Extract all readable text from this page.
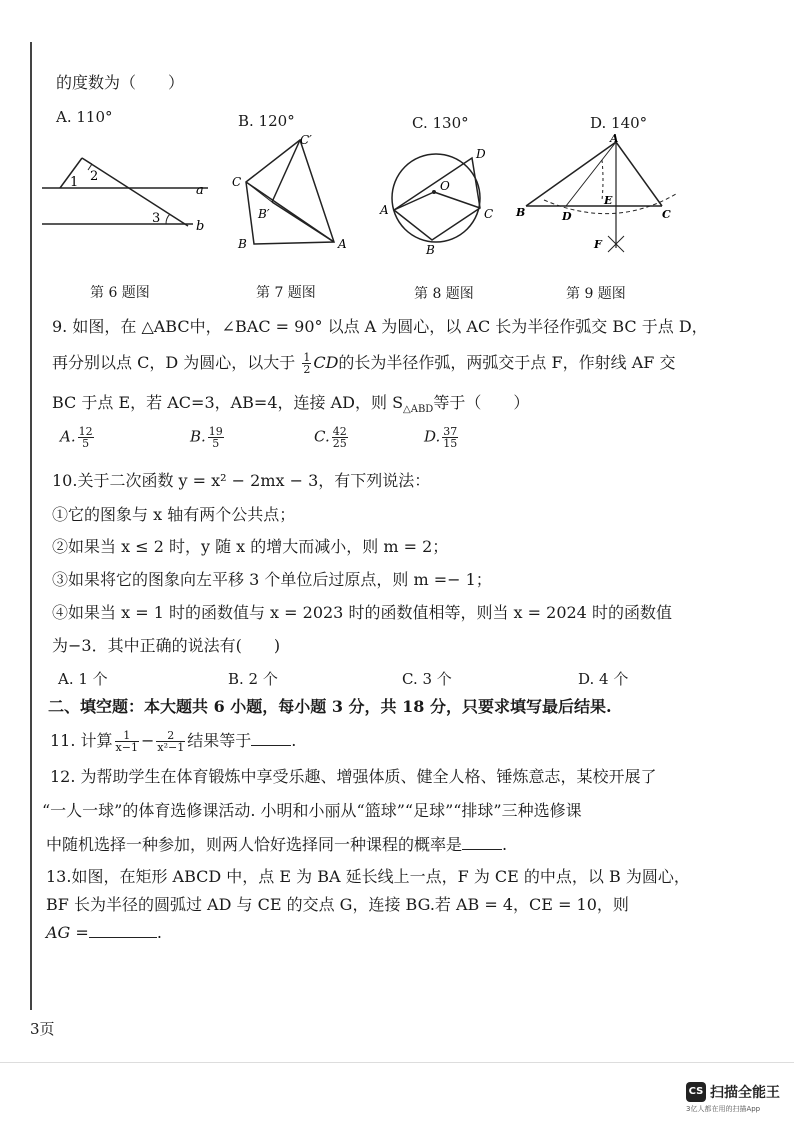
的度数为（　　）
A. 110°	B. 120°	C. 130°	D. 140°
1 2
3
a
b
C′
C
B′
B	A
D
O
A	C
B
A
B	D
E
C
F
第 6 题图	第 7 题图	第 8 题图	第 9 题图
9. 如图，在 △ABC中，∠BAC = 90° 以点 A 为圆心，以 AC 长为半径作弧交 BC 于点 D，
再分别以点 C，D 为圆心，以大于 $\frac{1}{2}$ CD的长为半径作弧，两弧交于点 F，作射线 AF 交
BC 于点 E，若 AC=3，AB=4，连接 AD，则 $S_{\triangle ABD}$等于（　　）
A. $\frac{12}{5}$	B. $\frac{19}{5}$	C. $\frac{42}{25}$	D. $\frac{37}{15}$
10.关于二次函数 y = x² − 2mx − 3，有下列说法：
①它的图象与 x 轴有两个公共点；
②如果当 x ≤ 2 时，y 随 x 的增大而减小，则 m = 2；
③如果将它的图象向左平移 3 个单位后过原点，则 m =− 1；
④如果当 x = 1 时的函数值与 x = 2023 时的函数值相等，则当 x = 2024 时的函数值
为−3．其中正确的说法有(　　)
A. 1 个	B. 2 个	C. 3 个	D. 4 个
二、填空题：本大题共 6 小题，每小题 3 分，共 18 分，只要求填写最后结果.
11. 计算 $\frac{1}{x-1} - \frac{2}{\text{x²−1}}$ 结果等于	.
12. 为帮助学生在体育锻炼中享受乐趣、增强体质、健全人格、锤炼意志，某校开展了
“一人一球”的体育选修课活动. 小明和小丽从“篮球”“足球”“排球”三种选修课
中随机选择一种参加，则两人恰好选择同一种课程的概率是	.
13.如图，在矩形 ABCD 中，点 E 为 BA 延长线上一点，F 为 CE 的中点，以 B 为圆心，
BF 长为半径的圆弧过 AD 与 CE 的交点 G，连接 BG.若 AB = 4，CE = 10，则
AG =	.
3页
CS 扫描全能王
3亿人都在用的扫描App
